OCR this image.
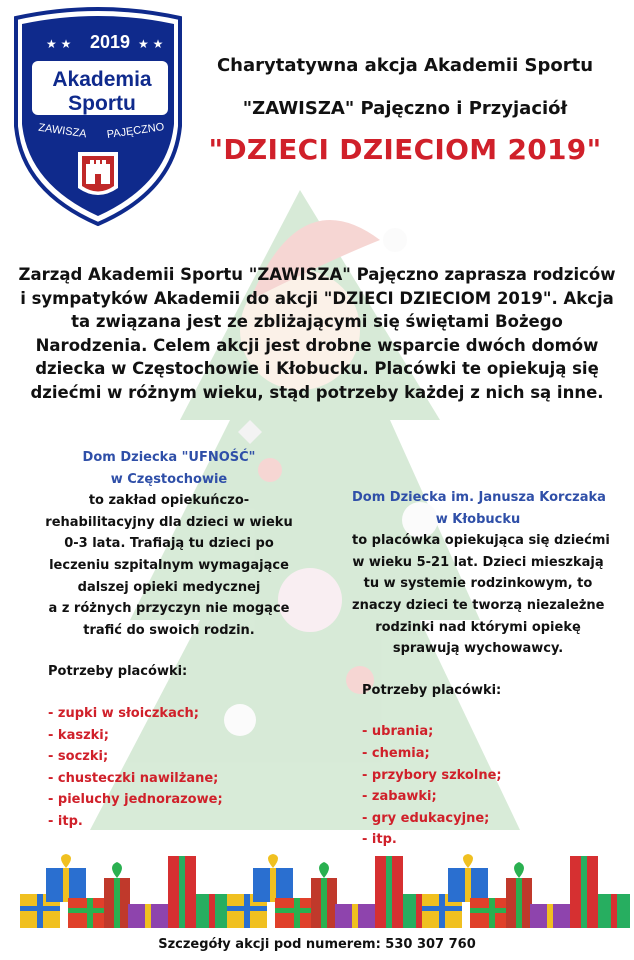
2019
★ ★	★ ★
Akademia
Sportu
ZAWISZA PAJĘCZNO
Charytatywna akcja Akademii Sportu
"ZAWISZA" Pajęczno i Przyjaciół
"DZIECI DZIECIOM 2019"
Zarząd Akademii Sportu "ZAWISZA" Pajęczno zaprasza rodziców
i sympatyków Akademii do akcji "DZIECI DZIECIOM 2019". Akcja
ta związana jest ze zbliżającymi się świętami Bożego
Narodzenia. Celem akcji jest drobne wsparcie dwóch domów
dziecka w Częstochowie i Kłobucku. Placówki te opiekują się
dziećmi w różnym wieku, stąd potrzeby każdej z nich są inne.
Dom Dziecka "UFNOŚĆ"
w Częstochowie
to zakład opiekuńczo-
rehabilitacyjny dla dzieci w wieku
0-3 lata. Trafiają tu dzieci po
leczeniu szpitalnym wymagające
dalszej opieki medycznej
a z różnych przyczyn nie mogące
trafić do swoich rodzin.
Potrzeby placówki:
- zupki w słoiczkach;
- kaszki;
- soczki;
- chusteczki nawilżane;
- pieluchy jednorazowe;
- itp.
Dom Dziecka im. Janusza Korczaka
w Kłobucku
to placówka opiekująca się dziećmi
w wieku 5-21 lat. Dzieci mieszkają
tu w systemie rodzinkowym, to
znaczy dzieci te tworzą niezależne
rodzinki nad którymi opiekę
sprawują wychowawcy.
Potrzeby placówki:
- ubrania;
- chemia;
- przybory szkolne;
- zabawki;
- gry edukacyjne;
- itp.
Szczegóły akcji pod numerem: 530 307 760
